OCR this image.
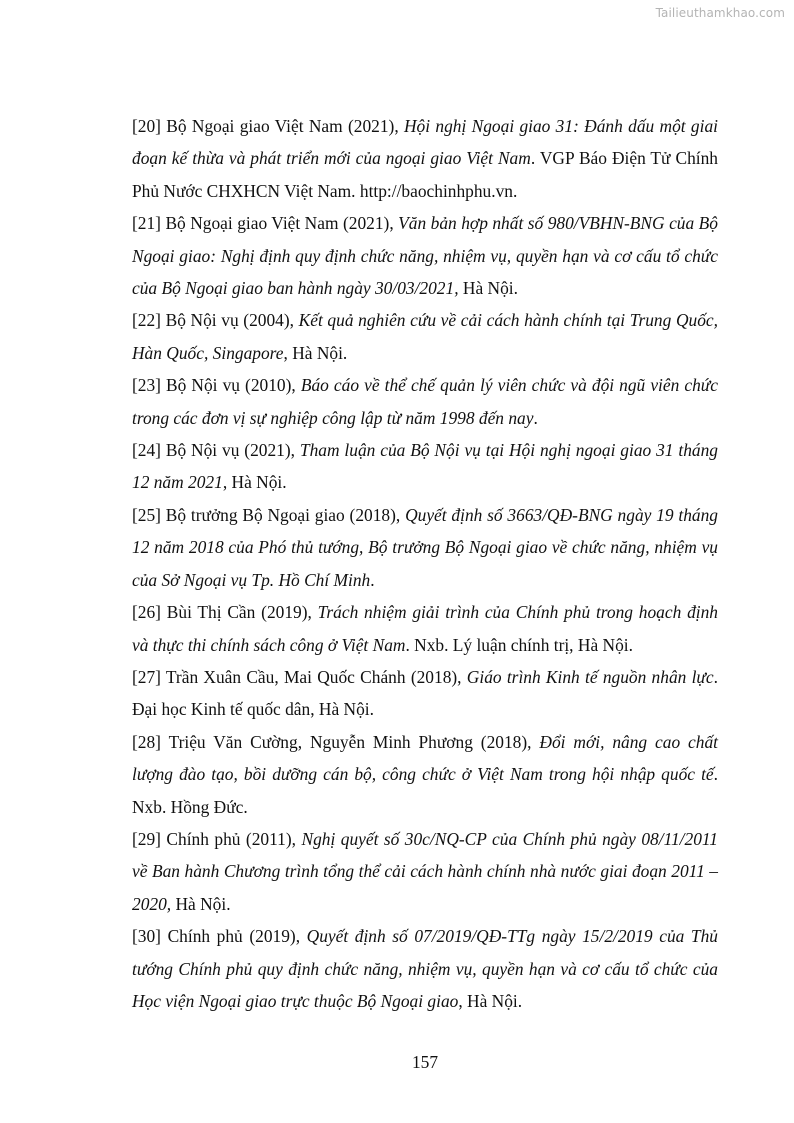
Tailieuthamkhao.com

[20] Bộ Ngoại giao Việt Nam (2021), Hội nghị Ngoại giao 31: Đánh dấu một giai đoạn kế thừa và phát triển mới của ngoại giao Việt Nam. VGP Báo Điện Tử Chính Phủ Nước CHXHCN Việt Nam. http://baochinhphu.vn.

[21] Bộ Ngoại giao Việt Nam (2021), Văn bản hợp nhất số 980/VBHN-BNG của Bộ Ngoại giao: Nghị định quy định chức năng, nhiệm vụ, quyền hạn và cơ cấu tổ chức của Bộ Ngoại giao ban hành ngày 30/03/2021, Hà Nội.

[22] Bộ Nội vụ (2004), Kết quả nghiên cứu về cải cách hành chính tại Trung Quốc, Hàn Quốc, Singapore, Hà Nội.

[23] Bộ Nội vụ (2010), Báo cáo về thể chế quản lý viên chức và đội ngũ viên chức trong các đơn vị sự nghiệp công lập từ năm 1998 đến nay.

[24] Bộ Nội vụ (2021), Tham luận của Bộ Nội vụ tại Hội nghị ngoại giao 31 tháng 12 năm 2021, Hà Nội.

[25] Bộ trưởng Bộ Ngoại giao (2018), Quyết định số 3663/QĐ-BNG ngày 19 tháng 12 năm 2018 của Phó thủ tướng, Bộ trưởng Bộ Ngoại giao về chức năng, nhiệm vụ của Sở Ngoại vụ Tp. Hồ Chí Minh.

[26] Bùi Thị Cần (2019), Trách nhiệm giải trình của Chính phủ trong hoạch định và thực thi chính sách công ở Việt Nam. Nxb. Lý luận chính trị, Hà Nội.

[27] Trần Xuân Cầu, Mai Quốc Chánh (2018), Giáo trình Kinh tế nguồn nhân lực. Đại học Kinh tế quốc dân, Hà Nội.

[28] Triệu Văn Cường, Nguyễn Minh Phương (2018), Đổi mới, nâng cao chất lượng đào tạo, bồi dưỡng cán bộ, công chức ở Việt Nam trong hội nhập quốc tế. Nxb. Hồng Đức.

[29] Chính phủ (2011), Nghị quyết số 30c/NQ-CP của Chính phủ ngày 08/11/2011 về Ban hành Chương trình tổng thể cải cách hành chính nhà nước giai đoạn 2011 – 2020, Hà Nội.

[30] Chính phủ (2019), Quyết định số 07/2019/QĐ-TTg ngày 15/2/2019 của Thủ tướng Chính phủ quy định chức năng, nhiệm vụ, quyền hạn và cơ cấu tổ chức của Học viện Ngoại giao trực thuộc Bộ Ngoại giao, Hà Nội.

157
